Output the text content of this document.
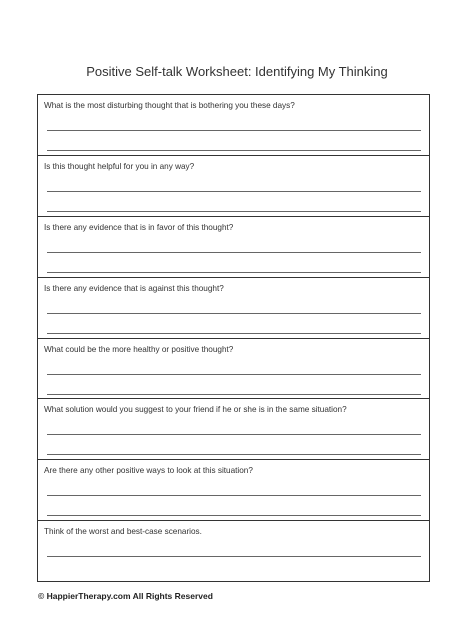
Positive Self-talk Worksheet: Identifying My Thinking
What is the most disturbing thought that is bothering you these days?
Is this thought helpful for you in any way?
Is there any evidence that is in favor of this thought?
Is there any evidence that is against this thought?
What could be the more healthy or positive thought?
What solution would you suggest to your friend if he or she is in the same situation?
Are there any other positive ways to look at this situation?
Think of the worst and best-case scenarios.
© HappierTherapy.com All Rights Reserved
